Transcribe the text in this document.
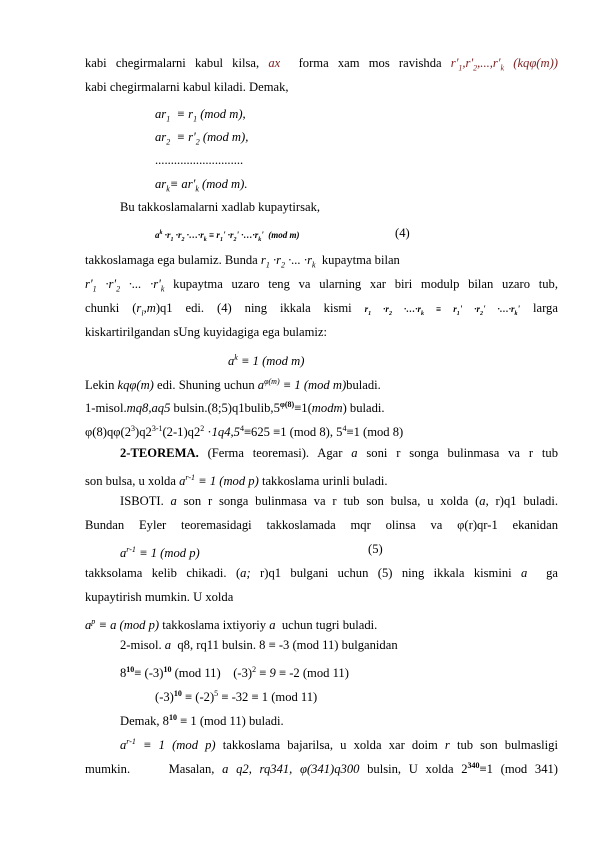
kabi chegirmalarni kabul kilsa, ax  forma xam mos ravishda $r'_1,r'_2,...,r'_k$ (kqφ(m))
kabi chegirmalarni kabul kiladi. Demak,
$ar_1 \equiv r_1$ (mod m),
$ar_2 \equiv r'_2$ (mod m),
............................
$ar_k\equiv ar'_k$ (mod m).
Bu takkoslamalarni xadlab kupaytirsak,
$a^k \cdot r_1 \cdot r_2$ $\cdot\dots\cdot r_k \equiv r_1' \cdot r_2'$ $\cdot\dots\cdot r_k'$  (mod m)	(4)
takkoslamaga ega bulamiz. Bunda $r_1 \cdot r_2$ ·... $\cdot r_k$  kupaytma bilan
$r'_1 \cdot r'_2$ ·... $\cdot r'_k$ kupaytma uzaro teng va ularning xar biri modulp bilan uzaro tub,
chunki $(r_i,m)q1$ edi. (4) ning ikkala kismi $r_1 \cdot r_2$ $\cdot\dots\cdot r_k \equiv r_1' \cdot r_2'$ $\cdot\dots\cdot r_k'$ larga
kiskartirilgandan sUng kuyidagiga ega bulamiz:
$a^k \equiv 1$ (mod m)
Lekin kqφ(m) edi. Shuning uchun $a^{\varphi(m)} \equiv 1$ (mod m)buladi.
1-misol.mq8,aq5 $bulsin.(8;5)q1bulib,5^{\varphi(8)}\equiv 1(modm)$ buladi.
$\varphi(8)q\varphi(2^3)q2^{3-1}(2-1)q2^2 \cdot 1q4,5^4\equiv 625 \equiv 1$ (mod 8), $5^4\equiv 1$ (mod 8)
2-TEOREMA. (Ferma teoremasi). Agar a soni r songa bulinmasa va r tub
son bulsa, u xolda $a^{r-1} \equiv 1$ (mod p) takkoslama urinli buladi.
ISBOTI. a son r songa bulinmasa va r tub son bulsa, u xolda (a, r)q1 buladi.
Bundan Eyler teoremasidagi takkoslamada mqr olinsa va φ(r)qr-1 ekanidan
$a^{r-1} \equiv 1$ (mod p)	(5)
takksolama kelib chikadi. (a; r)q1 bulgani uchun (5) ning ikkala kismini a  ga
kupaytirish mumkin. U xolda
$a^p \equiv a$ (mod p) takkoslama ixtiyoriy a  uchun tugri buladi.
2-misol. a  q8, rq11 bulsin. 8 ≡ -3 (mod 11) bulganidan
$8^{10}\equiv (-3)^{10}$ (mod 11)    $(-3)^2 \equiv 9 \equiv -2$ (mod 11)
$(-3)^{10} \equiv (-2)^5 \equiv -32 \equiv 1$ (mod 11)
Demak, $8^{10} \equiv 1$ (mod 11) buladi.
$a^{r-1} \equiv 1$ (mod p) takkoslama bajarilsa, u xolda xar doim r tub son bulmasligi
mumkin.     Masalan, a q2, rq341, φ(341)q300 bulsin, U xolda $2^{340}\equiv 1$ (mod 341)
